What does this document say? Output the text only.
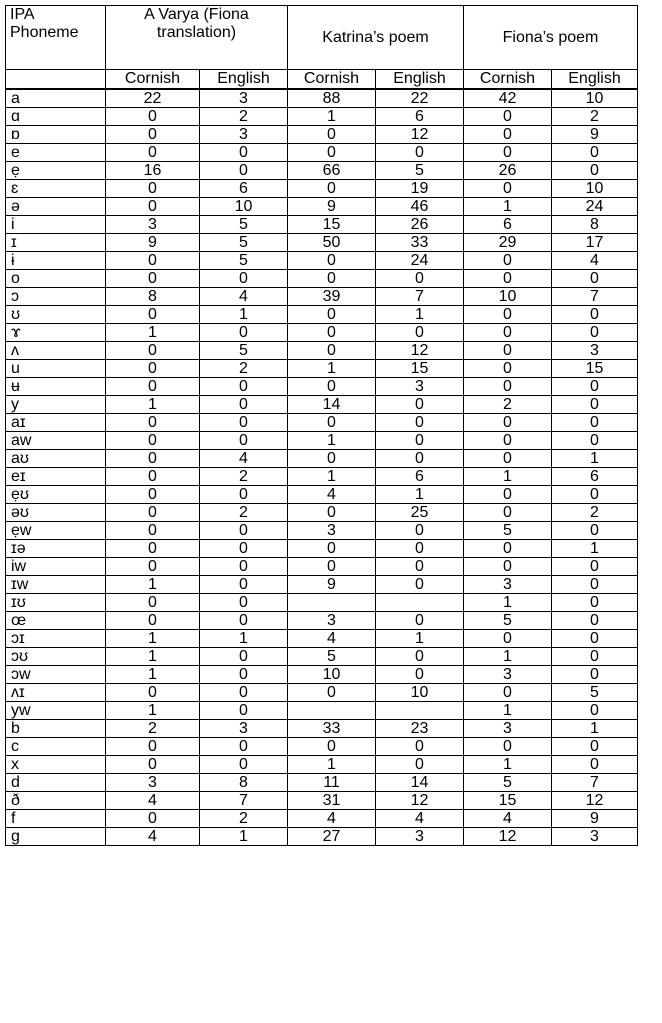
IPA Phoneme	A Varya (Fiona translation)		Katrina’s poem		Fiona’s poem	
	Cornish	English	Cornish	English	Cornish	English
a	22	3	88	22	42	10
ɑ	0	2	1	6	0	2
ɒ	0	3	0	12	0	9
e	0	0	0	0	0	0
ẹ	16	0	66	5	26	0
ɛ	0	6	0	19	0	10
ə	0	10	9	46	1	24
i	3	5	15	26	6	8
ɪ	9	5	50	33	29	17
ɨ	0	5	0	24	0	4
o	0	0	0	0	0	0
ɔ	8	4	39	7	10	7
ʊ	0	1	0	1	0	0
ɤ	1	0	0	0	0	0
ʌ	0	5	0	12	0	3
u	0	2	1	15	0	15
ʉ	0	0	0	3	0	0
y	1	0	14	0	2	0
aɪ	0	0	0	0	0	0
aw	0	0	1	0	0	0
aʊ	0	4	0	0	0	1
eɪ	0	2	1	6	1	6
ẹʊ	0	0	4	1	0	0
əʊ	0	2	0	25	0	2
ẹw	0	0	3	0	5	0
ɪə	0	0	0	0	0	1
iw	0	0	0	0	0	0
ɪw	1	0	9	0	3	0
ɪʊ	0	0			1	0
œ	0	0	3	0	5	0
ɔɪ	1	1	4	1	0	0
ɔʊ	1	0	5	0	1	0
ɔw	1	0	10	0	3	0
ʌɪ	0	0	0	10	0	5
yw	1	0			1	0
b	2	3	33	23	3	1
c	0	0	0	0	0	0
x	0	0	1	0	1	0
d	3	8	11	14	5	7
ð	4	7	31	12	15	12
f	0	2	4	4	4	9
g	4	1	27	3	12	3
